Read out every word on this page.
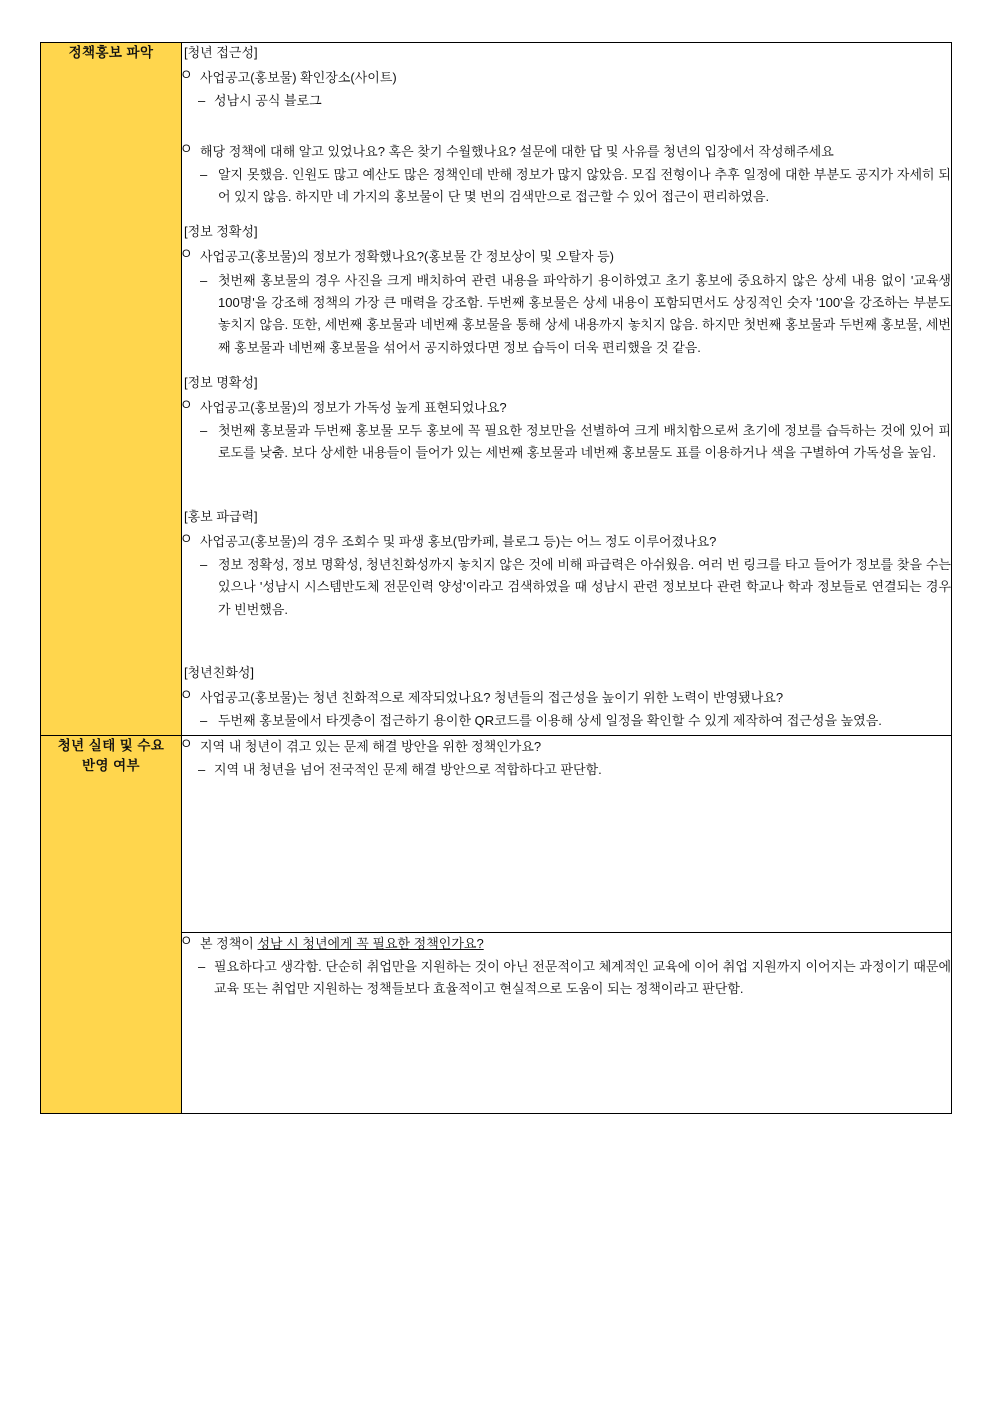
정책홍보 파악	[청년 접근성]
O 사업공고(홍보물) 확인장소(사이트)
– 성남시 공식 블로그
O 해당 정책에 대해 알고 있었나요? 혹은 찾기 수월했나요? 설문에 대한 답 및 사유를 청년의 입장에서 작성해주세요
– 알지 못했음. 인원도 많고 예산도 많은 정책인데 반해 정보가 많지 않았음. 모집 전형이나 추후 일정에 대한 부분도 공지가 자세히 되어 있지 않음. 하지만 네 가지의 홍보물이 단 몇 번의 검색만으로 접근할 수 있어 접근이 편리하였음.
[정보 정확성]
O 사업공고(홍보물)의 정보가 정확했나요?(홍보물 간 정보상이 및 오탈자 등)
– 첫번째 홍보물의 경우 사진을 크게 배치하여 관련 내용을 파악하기 용이하였고 초기 홍보에 중요하지 않은 상세 내용 없이 '교육생 100명'을 강조해 정책의 가장 큰 매력을 강조함. 두번째 홍보물은 상세 내용이 포함되면서도 상징적인 숫자 '100'을 강조하는 부분도 놓치지 않음. 또한, 세번째 홍보물과 네번째 홍보물을 통해 상세 내용까지 놓치지 않음. 하지만 첫번째 홍보물과 두번째 홍보물, 세번째 홍보물과 네번째 홍보물을 섞어서 공지하였다면 정보 습득이 더욱 편리했을 것 같음.
[정보 명확성]
O 사업공고(홍보물)의 정보가 가독성 높게 표현되었나요?
– 첫번째 홍보물과 두번째 홍보물 모두 홍보에 꼭 필요한 정보만을 선별하여 크게 배치함으로써 초기에 정보를 습득하는 것에 있어 피로도를 낮춤. 보다 상세한 내용들이 들어가 있는 세번째 홍보물과 네번째 홍보물도 표를 이용하거나 색을 구별하여 가독성을 높임.
[홍보 파급력]
O 사업공고(홍보물)의 경우 조회수 및 파생 홍보(맘카페, 블로그 등)는 어느 정도 이루어졌나요?
– 정보 정확성, 정보 명확성, 청년친화성까지 놓치지 않은 것에 비해 파급력은 아쉬웠음. 여러 번 링크를 타고 들어가 정보를 찾을 수는 있으나 '성남시 시스템반도체 전문인력 양성'이라고 검색하였을 때 성남시 관련 정보보다 관련 학교나 학과 정보들로 연결되는 경우가 빈번했음.
[청년친화성]
O 사업공고(홍보물)는 청년 친화적으로 제작되었나요? 청년들의 접근성을 높이기 위한 노력이 반영됐나요?
– 두번째 홍보물에서 타겟층이 접근하기 용이한 QR코드를 이용해 상세 일정을 확인할 수 있게 제작하여 접근성을 높였음.

청년 실태 및 수요
반영 여부

O 지역 내 청년이 겪고 있는 문제 해결 방안을 위한 정책인가요?
– 지역 내 청년을 넘어 전국적인 문제 해결 방안으로 적합하다고 판단함.

	O 본 정책이 성남 시 청년에게 꼭 필요한 정책인가요?
– 필요하다고 생각함. 단순히 취업만을 지원하는 것이 아닌 전문적이고 체계적인 교육에 이어 취업 지원까지 이어지는 과정이기 때문에 교육 또는 취업만 지원하는 정책들보다 효율적이고 현실적으로 도움이 되는 정책이라고 판단함.
